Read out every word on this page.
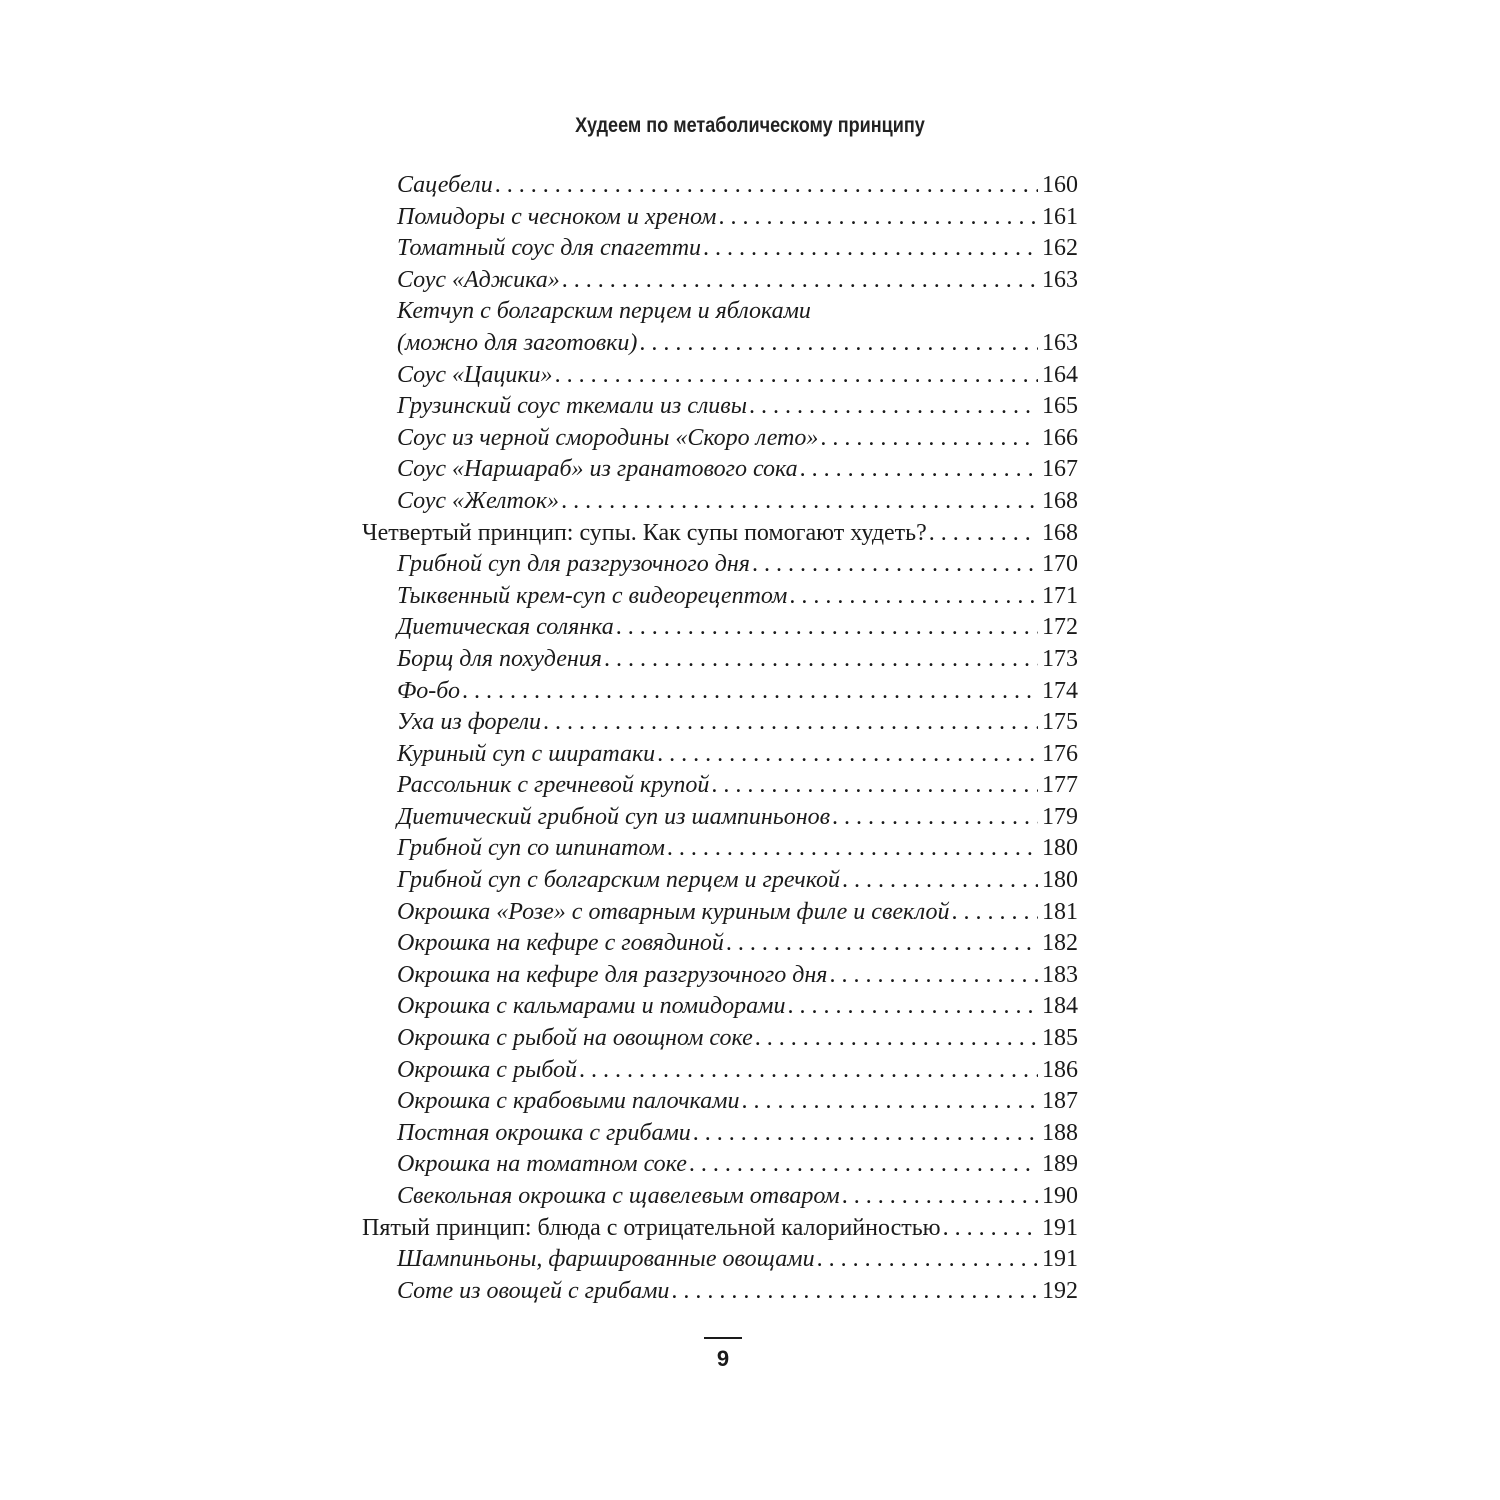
Худеем по метаболическому принципу
Сацебели . . .	160
Помидоры с чесноком и хреном . . .	161
Томатный соус для спагетти . . .	162
Соус «Аджика» . . .	163
Кетчуп с болгарским перцем и яблоками
(можно для заготовки) . . .	163
Соус «Цацики» . . .	164
Грузинский соус ткемали из сливы . . .	165
Соус из черной смородины «Скоро лето» . . .	166
Соус «Наршараб» из гранатового сока . . .	167
Соус «Желток» . . .	168
Четвертый принцип: супы. Как супы помогают худеть? . . .	168
Грибной суп для разгрузочного дня . . .	170
Тыквенный крем-суп с видеорецептом . . .	171
Диетическая солянка . . .	172
Борщ для похудения . . .	173
Фо-бо . . .	174
Уха из форели . . .	175
Куриный суп с ширатаки . . .	176
Рассольник с гречневой крупой . . .	177
Диетический грибной суп из шампиньонов . . .	179
Грибной суп со шпинатом . . .	180
Грибной суп с болгарским перцем и гречкой . . .	180
Окрошка «Розе» с отварным куриным филе и свеклой . . .	181
Окрошка на кефире с говядиной . . .	182
Окрошка на кефире для разгрузочного дня . . .	183
Окрошка с кальмарами и помидорами . . .	184
Окрошка с рыбой на овощном соке . . .	185
Окрошка с рыбой . . .	186
Окрошка с крабовыми палочками . . .	187
Постная окрошка с грибами . . .	188
Окрошка на томатном соке . . .	189
Свекольная окрошка с щавелевым отваром . . .	190
Пятый принцип: блюда с отрицательной калорийностью . . .	191
Шампиньоны, фаршированные овощами . . .	191
Соте из овощей с грибами . . .	192
9
